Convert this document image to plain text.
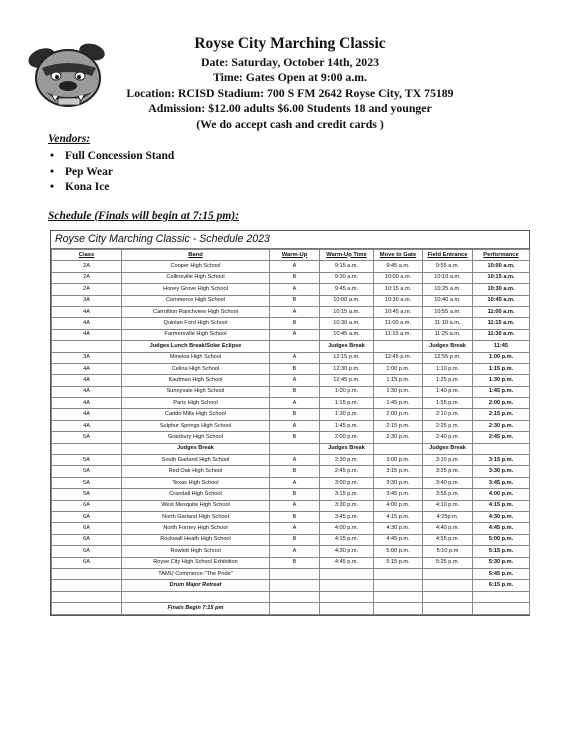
Royse City Marching Classic
Date: Saturday, October 14th, 2023
Time: Gates Open at 9:00 a.m.
Location: RCISD Stadium: 700 S FM 2642 Royse City, TX 75189
Admission: $12.00 adults $6.00 Students 18 and younger
(We do accept cash and credit cards )
Vendors:
• Full Concession Stand
• Pep Wear
• Kona Ice
Schedule (Finals will begin at 7:15 pm):
Royse City Marching Classic - Schedule 2023
Class	Band	Warm-Up	Warm-Up Time	Move to Gate	Field Entrance	Performance
2A	Cooper High School	A	9:15 a.m.	9:45 a.m.	9:55 a.m.	10:00 a.m.
2A	Collinsville High School	B	9:30 a.m.	10:00 a.m.	10:10 a.m.	10:15 a.m.
2A	Honey Grove High School	A	9:45 a.m.	10:15 a.m.	10:25 a.m.	10:30 a.m.
3A	Commerce High School	B	10:00 a.m.	10:30 a.m.	10:40 a.m.	10:45 a.m.
4A	Carrollton Ranchview High School	A	10:15 a.m.	10:45 a.m.	10:55 a.m.	11:00 a.m.
4A	Quinlan Ford High School	B	10:30 a.m.	11:00 a.m.	11:10 a.m.	11:15 a.m.
4A	Farmersville High School	A	10:45 a.m.	11:15 a.m.	11:25 a.m.	11:30 a.m.
	Judges Lunch Break/Solar Eclipse		Judges Break		Judges Break	11:45
3A	Mineloa High School	A	12:15 p.m.	12:45 p.m.	12:55 p.m.	1:00 p.m.
4A	Celina High School	B	12:30 p.m.	1:00 p.m.	1:10 p.m.	1:15 p.m.
4A	Kaufman High School	A	12:45 p.m.	1:15 p.m.	1:25 p.m.	1:30 p.m.
4A	Sunnyvale High School	B	1:00 p.m.	1:30 p.m.	1:40 p.m.	1:45 p.m.
4A	Paris High School	A	1:15 p.m.	1:45 p.m.	1:55 p.m.	2:00 p.m.
4A	Caddo Mills High School	B	1:30 p.m.	2:00 p.m.	2:10 p.m.	2:15 p.m.
4A	Sulphur Springs High School	A	1:45 p.m.	2:15 p.m.	2:25 p.m.	2:30 p.m.
5A	Granbury High School	B	2:00 p.m.	2:30 p.m.	2:40 p.m.	2:45 p.m.
	Judges Break		Judges Break		Judges Break	
5A	South Garland High School	A	2:30 p.m.	3:00 p.m.	3:10 p.m.	3:15 p.m.
5A	Red Oak High School	B	2:45 p.m.	3:15 p.m.	3:25 p.m.	3:30 p.m.
5A	Texas High School	A	3:00 p.m.	3:30 p.m.	3:40 p.m.	3:45 p.m.
5A	Crandall High School	B	3:15 p.m.	3:45 p.m.	3:55 p.m.	4:00 p.m.
6A	West Mesquite High School	A	3:30 p.m.	4:00 p.m.	4:10 p.m.	4:15 p.m.
6A	North Garland High School	B	3:45 p.m.	4:15 p.m.	4:25p.m.	4:30 p.m.
6A	North Forney High School	A	4:00 p.m.	4:30 p.m.	4:40 p.m.	4:45 p.m.
6A	Rockwall Heath High School	B	4:15 p.m.	4:45 p.m.	4:55 p.m.	5:00 p.m.
6A	Rowlett High School	A	4:30 p.m.	5:00 p.m.	5:10 p.m	5:15 p.m.
6A	Royse City High School Exhibition	B	4:45 p.m.	5:15 p.m.	5:25 p.m.	5:30 p.m.
	TAMU Commerce-"The Pride"					5:45 p.m.
	Drum Major Retreat					6:15 p.m.

	Finals Begin 7:15 pm					
